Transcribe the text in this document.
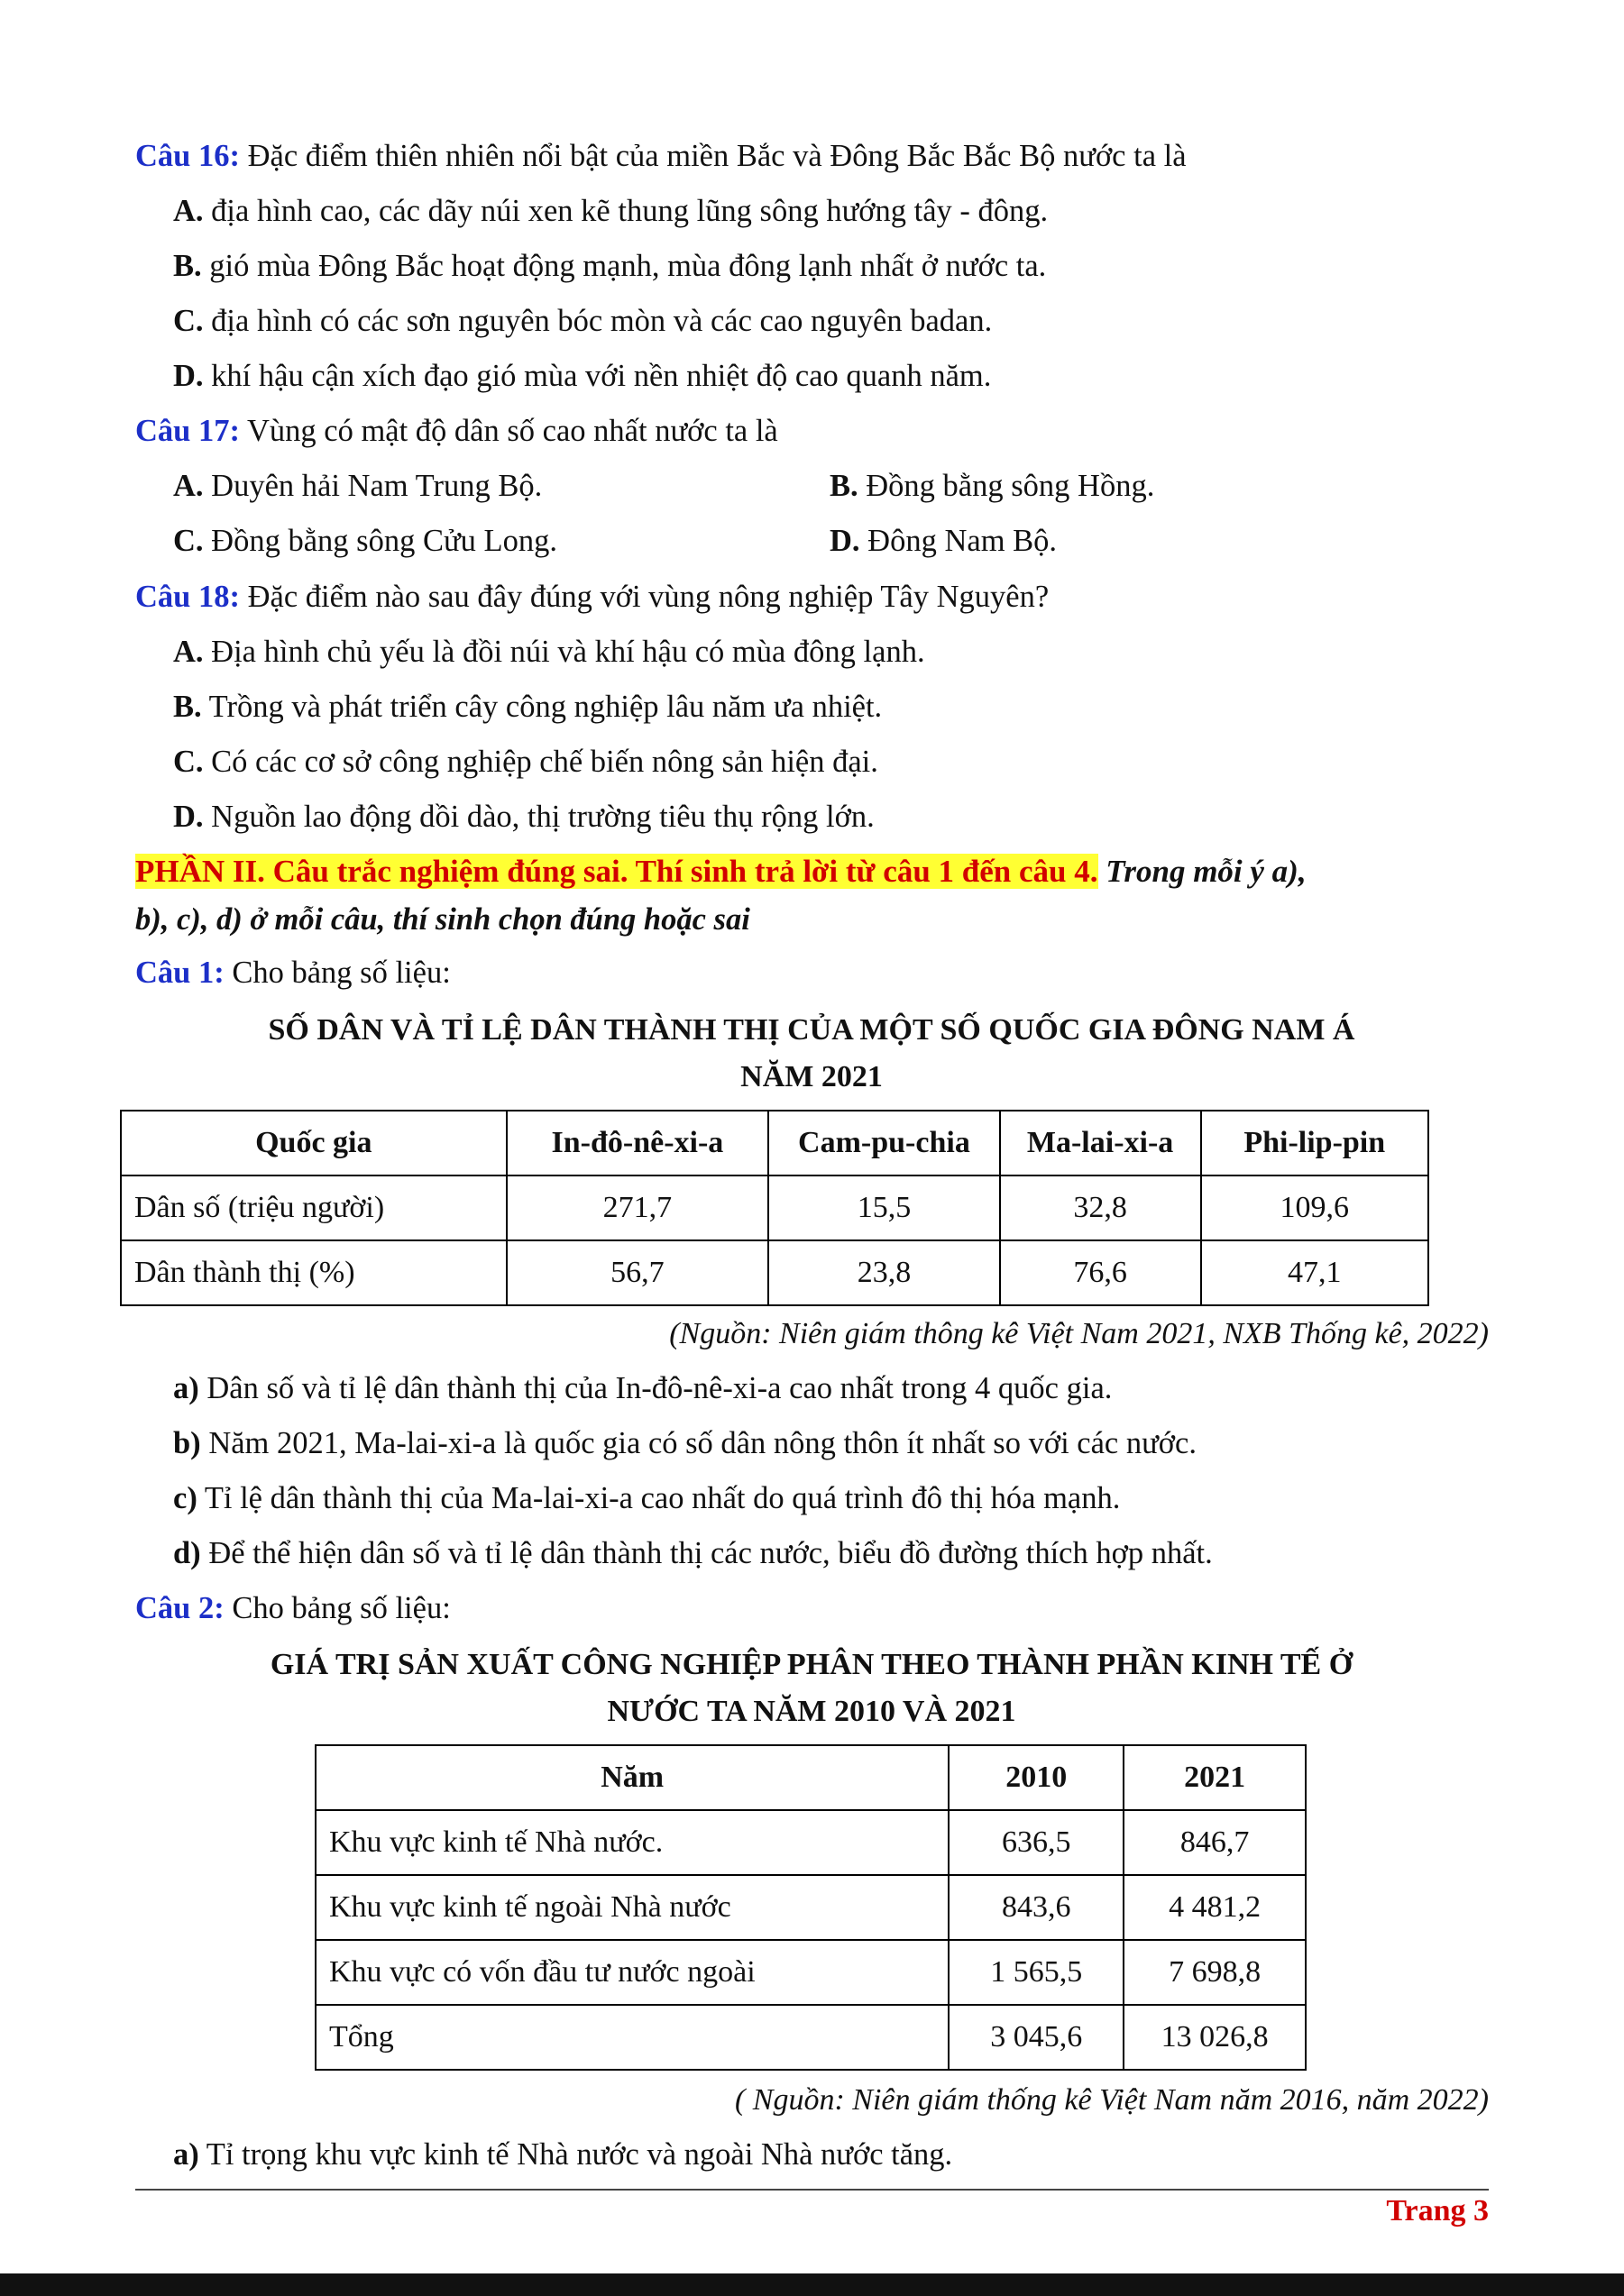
Câu 16: Đặc điểm thiên nhiên nổi bật của miền Bắc và Đông Bắc Bắc Bộ nước ta là
A. địa hình cao, các dãy núi xen kẽ thung lũng sông hướng tây - đông.
B. gió mùa Đông Bắc hoạt động mạnh, mùa đông lạnh nhất ở nước ta.
C. địa hình có các sơn nguyên bóc mòn và các cao nguyên badan.
D. khí hậu cận xích đạo gió mùa với nền nhiệt độ cao quanh năm.
Câu 17: Vùng có mật độ dân số cao nhất nước ta là
A. Duyên hải Nam Trung Bộ.	B. Đồng bằng sông Hồng.
C. Đồng bằng sông Cửu Long.	D. Đông Nam Bộ.
Câu 18: Đặc điểm nào sau đây đúng với vùng nông nghiệp Tây Nguyên?
A. Địa hình chủ yếu là đồi núi và khí hậu có mùa đông lạnh.
B. Trồng và phát triển cây công nghiệp lâu năm ưa nhiệt.
C. Có các cơ sở công nghiệp chế biến nông sản hiện đại.
D. Nguồn lao động dồi dào, thị trường tiêu thụ rộng lớn.
PHẦN II. Câu trắc nghiệm đúng sai. Thí sinh trả lời từ câu 1 đến câu 4. Trong mỗi ý a),
b), c), d) ở mỗi câu, thí sinh chọn đúng hoặc sai
Câu 1: Cho bảng số liệu:
SỐ DÂN VÀ TỈ LỆ DÂN THÀNH THỊ CỦA MỘT SỐ QUỐC GIA ĐÔNG NAM Á
NĂM 2021
Quốc gia	In-đô-nê-xi-a	Cam-pu-chia	Ma-lai-xi-a	Phi-lip-pin
Dân số (triệu người)	271,7	15,5	32,8	109,6
Dân thành thị (%)	56,7	23,8	76,6	47,1
(Nguồn: Niên giám thông kê Việt Nam 2021, NXB Thống kê, 2022)
a) Dân số và tỉ lệ dân thành thị của In-đô-nê-xi-a cao nhất trong 4 quốc gia.
b) Năm 2021, Ma-lai-xi-a là quốc gia có số dân nông thôn ít nhất so với các nước.
c) Tỉ lệ dân thành thị của Ma-lai-xi-a cao nhất do quá trình đô thị hóa mạnh.
d) Để thể hiện dân số và tỉ lệ dân thành thị các nước, biểu đồ đường thích hợp nhất.
Câu 2: Cho bảng số liệu:
GIÁ TRỊ SẢN XUẤT CÔNG NGHIỆP PHÂN THEO THÀNH PHẦN KINH TẾ Ở
NƯỚC TA NĂM 2010 VÀ 2021
Năm	2010	2021
Khu vực kinh tế Nhà nước.	636,5	846,7
Khu vực kinh tế ngoài Nhà nước	843,6	4 481,2
Khu vực có vốn đầu tư nước ngoài	1 565,5	7 698,8
Tổng	3 045,6	13 026,8
( Nguồn: Niên giám thống kê Việt Nam năm 2016, năm 2022)
a) Tỉ trọng khu vực kinh tế Nhà nước và ngoài Nhà nước tăng.
Trang 3
